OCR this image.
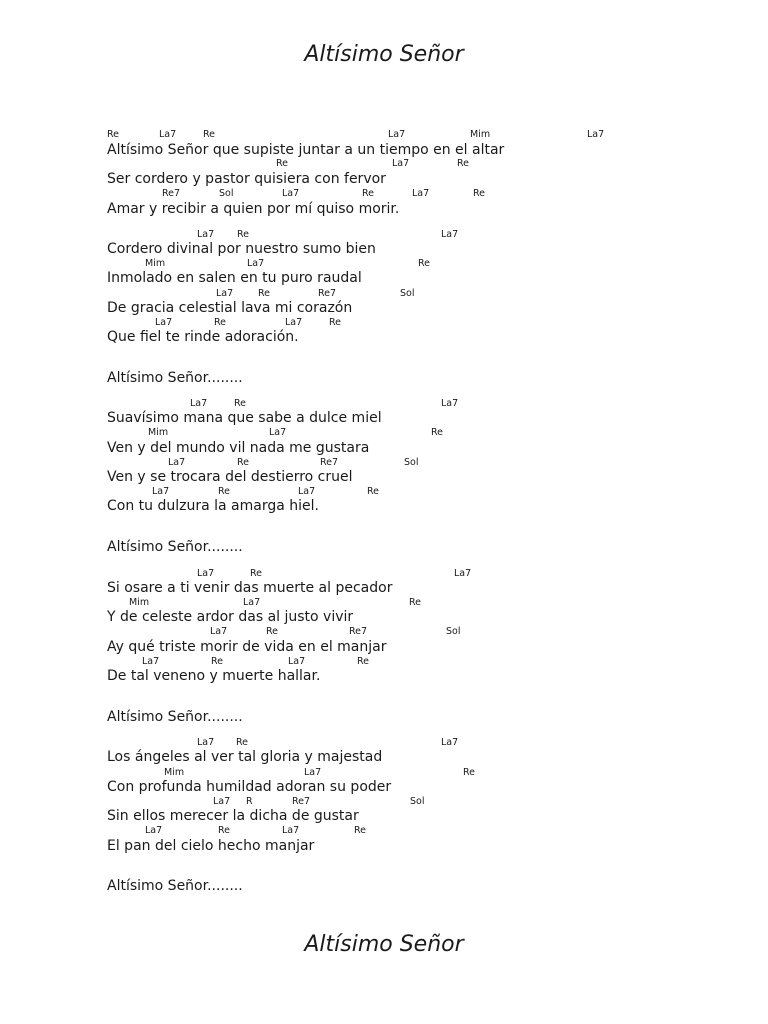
Altísimo Señor
Re	La7	Re	La7	Mim	La7
Altísimo Señor que supiste juntar a un tiempo en el altar
Re	La7	Re
Ser cordero y pastor quisiera con fervor
Re7	Sol	La7	Re	La7	Re
Amar y recibir a quien por mí quiso morir.
La7 Re	La7
Cordero divinal por nuestro sumo bien
Mim	La7	Re
Inmolado en salen en tu puro raudal
La7	Re	Re7	Sol
De gracia celestial lava mi corazón
La7	Re	La7	Re
Que fiel te rinde adoración.
Altísimo Señor........
La7	Re	La7
Suavísimo mana que sabe a dulce miel
Mim	La7	Re
Ven y del mundo vil nada me gustara
La7	Re	Re7	Sol
Ven y se trocara del destierro cruel
La7	Re	La7	Re
Con tu dulzura la amarga hiel.
Altísimo Señor........
La7	Re	La7
Si osare a ti venir das muerte al pecador
Mim	La7	Re
Y de celeste ardor das al justo vivir
La7	Re	Re7	Sol
Ay qué triste morir de vida en el manjar
La7	Re	La7	Re
De tal veneno y muerte hallar.
Altísimo Señor........
La7 Re	La7
Los ángeles al ver tal gloria y majestad
Mim	La7	Re
Con profunda humildad adoran su poder
La7 R	Re7	Sol
Sin ellos merecer la dicha de gustar
La7	Re	La7	Re
El pan del cielo hecho manjar
Altísimo Señor........
Altísimo Señor
